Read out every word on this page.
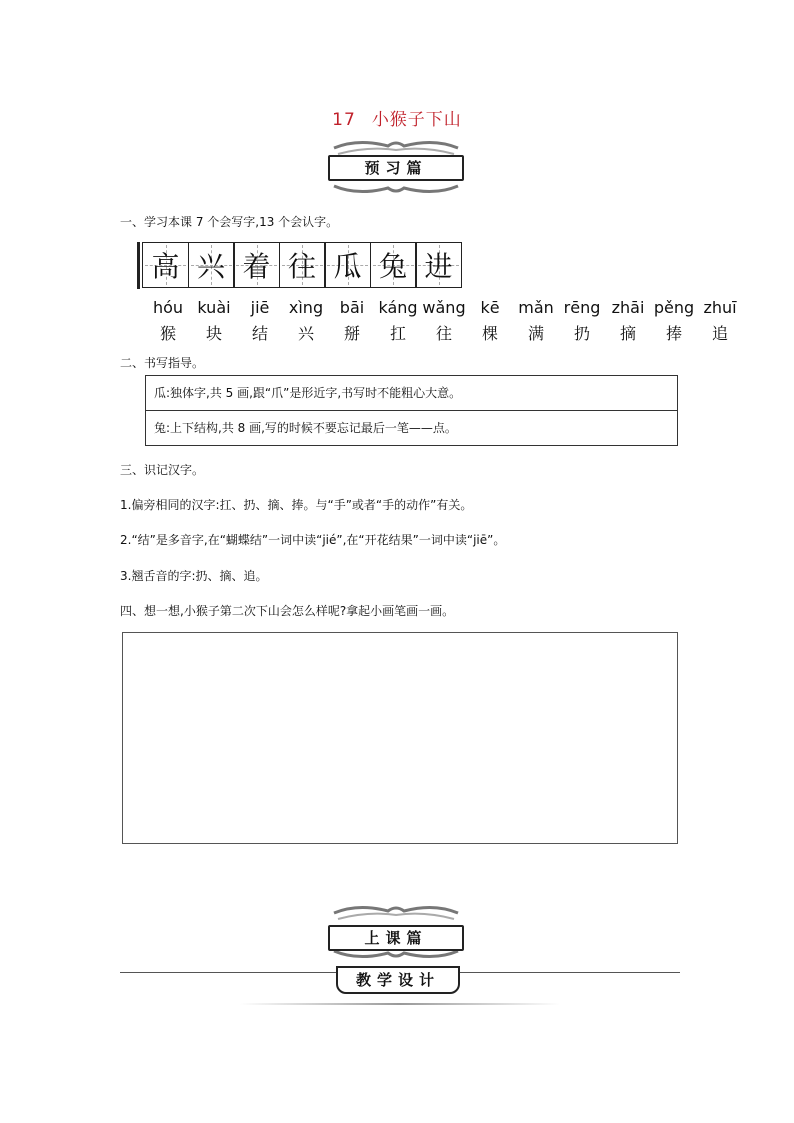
17 小猴子下山
预习篇
一、学习本课 7 个会写字,13 个会认字。
高 兴 着 往 瓜 兔 进
hóu kuài	jiē	xìng	bāi káng wǎng kē	mǎn rēng zhāi pěng zhuī
猴	块	结	兴	掰	扛	往	棵	满	扔	摘	捧	追
二、书写指导。
瓜:独体字,共 5 画,跟“爪”是形近字,书写时不能粗心大意。
兔:上下结构,共 8 画,写的时候不要忘记最后一笔——点。
三、识记汉字。
1.偏旁相同的汉字:扛、扔、摘、捧。与“手”或者“手的动作”有关。
2.“结”是多音字,在“蝴蝶结”一词中读“jié”,在“开花结果”一词中读“jiē”。
3.翘舌音的字:扔、摘、追。
四、想一想,小猴子第二次下山会怎么样呢?拿起小画笔画一画。
上课篇
教学设计
